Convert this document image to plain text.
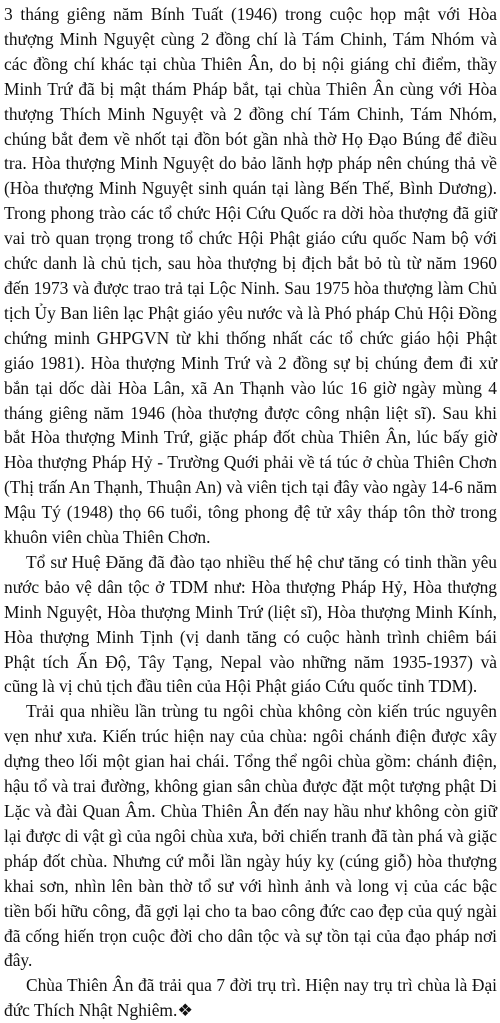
3 tháng giêng năm Bính Tuất (1946) trong cuộc họp mật với Hòa thượng Minh Nguyệt cùng 2 đồng chí là Tám Chinh, Tám Nhóm và các đồng chí khác tại chùa Thiên Ân, do bị nội giáng chỉ điểm, thầy Minh Trứ đã bị mật thám Pháp bắt, tại chùa Thiên Ân cùng với Hòa thượng Thích Minh Nguyệt và 2 đồng chí Tám Chinh, Tám Nhóm, chúng bắt đem về nhốt tại đồn bót gần nhà thờ Họ Đạo Búng để điều tra. Hòa thượng Minh Nguyệt do bảo lãnh hợp pháp nên chúng thả về (Hòa thượng Minh Nguyệt sinh quán tại làng Bến Thế, Bình Dương). Trong phong trào các tổ chức Hội Cứu Quốc ra dời hòa thượng đã giữ vai trò quan trọng trong tổ chức Hội Phật giáo cứu quốc Nam bộ với chức danh là chủ tịch, sau hòa thượng bị địch bắt bỏ tù từ năm 1960 đến 1973 và được trao trả tại Lộc Ninh. Sau 1975 hòa thượng làm Chủ tịch Ủy Ban liên lạc Phật giáo yêu nước và là Phó pháp Chủ Hội Đồng chứng minh GHPGVN từ khi thống nhất các tổ chức giáo hội Phật giáo 1981). Hòa thượng Minh Trứ và 2 đồng sự bị chúng đem đi xử bắn tại dốc dài Hòa Lân, xã An Thạnh vào lúc 16 giờ ngày mùng 4 tháng giêng năm 1946 (hòa thượng được công nhận liệt sĩ). Sau khi bắt Hòa thượng Minh Trứ, giặc pháp đốt chùa Thiên Ân, lúc bấy giờ Hòa thượng Pháp Hỷ - Trường Quới phải về tá túc ở chùa Thiên Chơn (Thị trấn An Thạnh, Thuận An) và viên tịch tại đây vào ngày 14-6 năm Mậu Tý (1948) thọ 66 tuổi, tông phong đệ tử xây tháp tôn thờ trong khuôn viên chùa Thiên Chơn.

Tổ sư Huệ Đăng đã đào tạo nhiều thế hệ chư tăng có tinh thần yêu nước bảo vệ dân tộc ở TDM như: Hòa thượng Pháp Hỷ, Hòa thượng Minh Nguyệt, Hòa thượng Minh Trứ (liệt sĩ), Hòa thượng Minh Kính, Hòa thượng Minh Tịnh (vị danh tăng có cuộc hành trình chiêm bái Phật tích Ấn Độ, Tây Tạng, Nepal vào những năm 1935-1937) và cũng là vị chủ tịch đầu tiên của Hội Phật giáo Cứu quốc tỉnh TDM).

Trải qua nhiều lần trùng tu ngôi chùa không còn kiến trúc nguyên vẹn như xưa. Kiến trúc hiện nay của chùa: ngôi chánh điện được xây dựng theo lối một gian hai chái. Tổng thể ngôi chùa gồm: chánh điện, hậu tổ và trai đường, không gian sân chùa được đặt một tượng phật Di Lặc và đài Quan Âm. Chùa Thiên Ân đến nay hầu như không còn giữ lại được di vật gì của ngôi chùa xưa, bởi chiến tranh đã tàn phá và giặc pháp đốt chùa. Nhưng cứ mỗi lần ngày húy kỵ (cúng giỗ) hòa thượng khai sơn, nhìn lên bàn thờ tổ sư với hình ảnh và long vị của các bậc tiền bối hữu công, đã gợi lại cho ta bao công đức cao đẹp của quý ngài đã cống hiến trọn cuộc đời cho dân tộc và sự tồn tại của đạo pháp nơi đây.

Chùa Thiên Ân đã trải qua 7 đời trụ trì. Hiện nay trụ trì chùa là Đại đức Thích Nhật Nghiêm.❖
